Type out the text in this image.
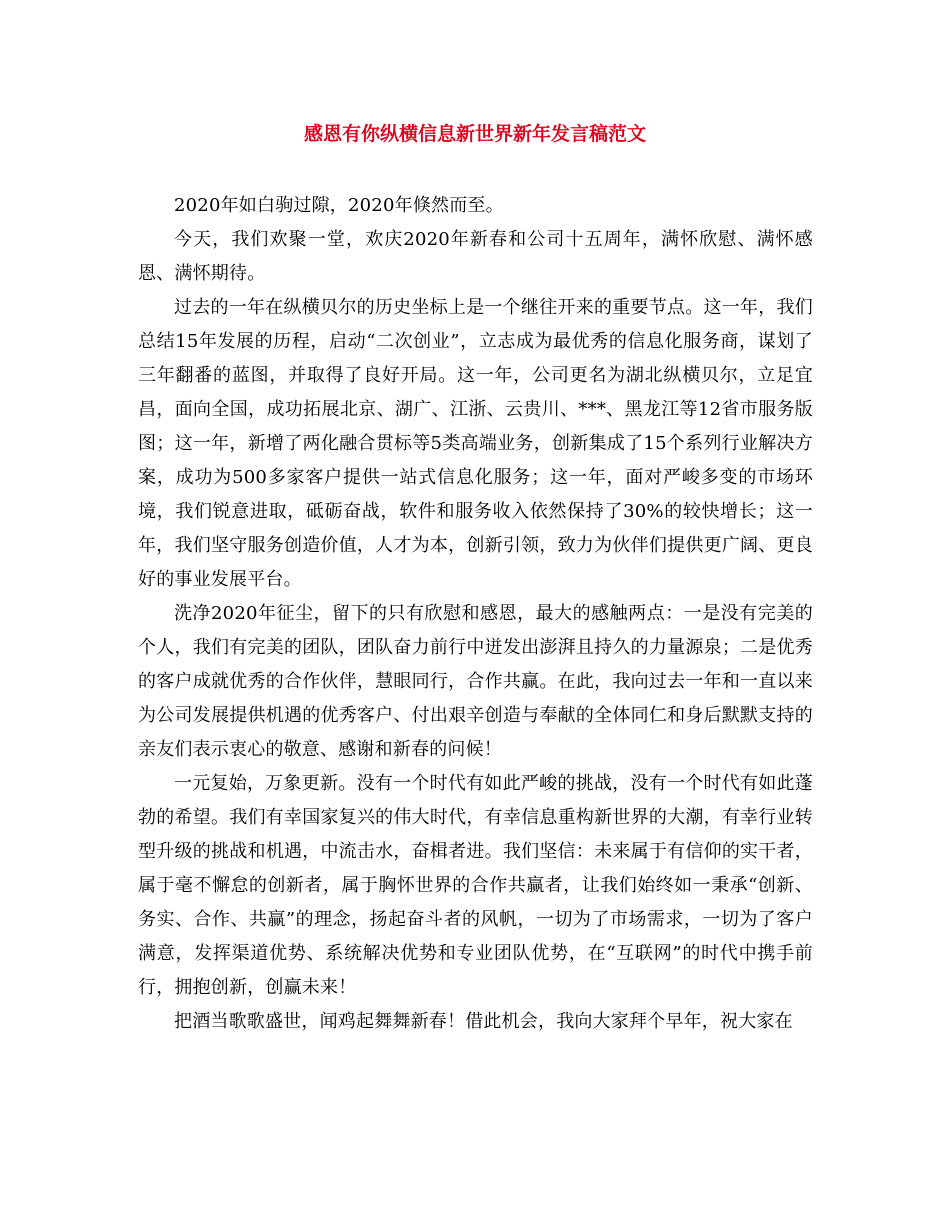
感恩有你纵横信息新世界新年发言稿范文

2020年如白驹过隙，2020年倏然而至。

今天，我们欢聚一堂，欢庆2020年新春和公司十五周年，满怀欣慰、满怀感恩、满怀期待。

过去的一年在纵横贝尔的历史坐标上是一个继往开来的重要节点。这一年，我们总结15年发展的历程，启动“二次创业”，立志成为最优秀的信息化服务商，谋划了三年翻番的蓝图，并取得了良好开局。这一年，公司更名为湖北纵横贝尔，立足宜昌，面向全国，成功拓展北京、湖广、江浙、云贵川、***、黑龙江等12省市服务版图；这一年，新增了两化融合贯标等5类高端业务，创新集成了15个系列行业解决方案，成功为500多家客户提供一站式信息化服务；这一年，面对严峻多变的市场环境，我们锐意进取，砥砺奋战，软件和服务收入依然保持了30%的较快增长；这一年，我们坚守服务创造价值，人才为本，创新引领，致力为伙伴们提供更广阔、更良好的事业发展平台。

洗净2020年征尘，留下的只有欣慰和感恩，最大的感触两点：一是没有完美的个人，我们有完美的团队，团队奋力前行中迸发出澎湃且持久的力量源泉；二是优秀的客户成就优秀的合作伙伴，慧眼同行，合作共赢。在此，我向过去一年和一直以来为公司发展提供机遇的优秀客户、付出艰辛创造与奉献的全体同仁和身后默默支持的亲友们表示衷心的敬意、感谢和新春的问候！

一元复始，万象更新。没有一个时代有如此严峻的挑战，没有一个时代有如此蓬勃的希望。我们有幸国家复兴的伟大时代，有幸信息重构新世界的大潮，有幸行业转型升级的挑战和机遇，中流击水，奋楫者进。我们坚信：未来属于有信仰的实干者，属于毫不懈怠的创新者，属于胸怀世界的合作共赢者，让我们始终如一秉承“创新、务实、合作、共赢”的理念，扬起奋斗者的风帆，一切为了市场需求，一切为了客户满意，发挥渠道优势、系统解决优势和专业团队优势，在“互联网”的时代中携手前行，拥抱创新，创赢未来！

把酒当歌歌盛世，闻鸡起舞舞新春！借此机会，我向大家拜个早年，祝大家在
